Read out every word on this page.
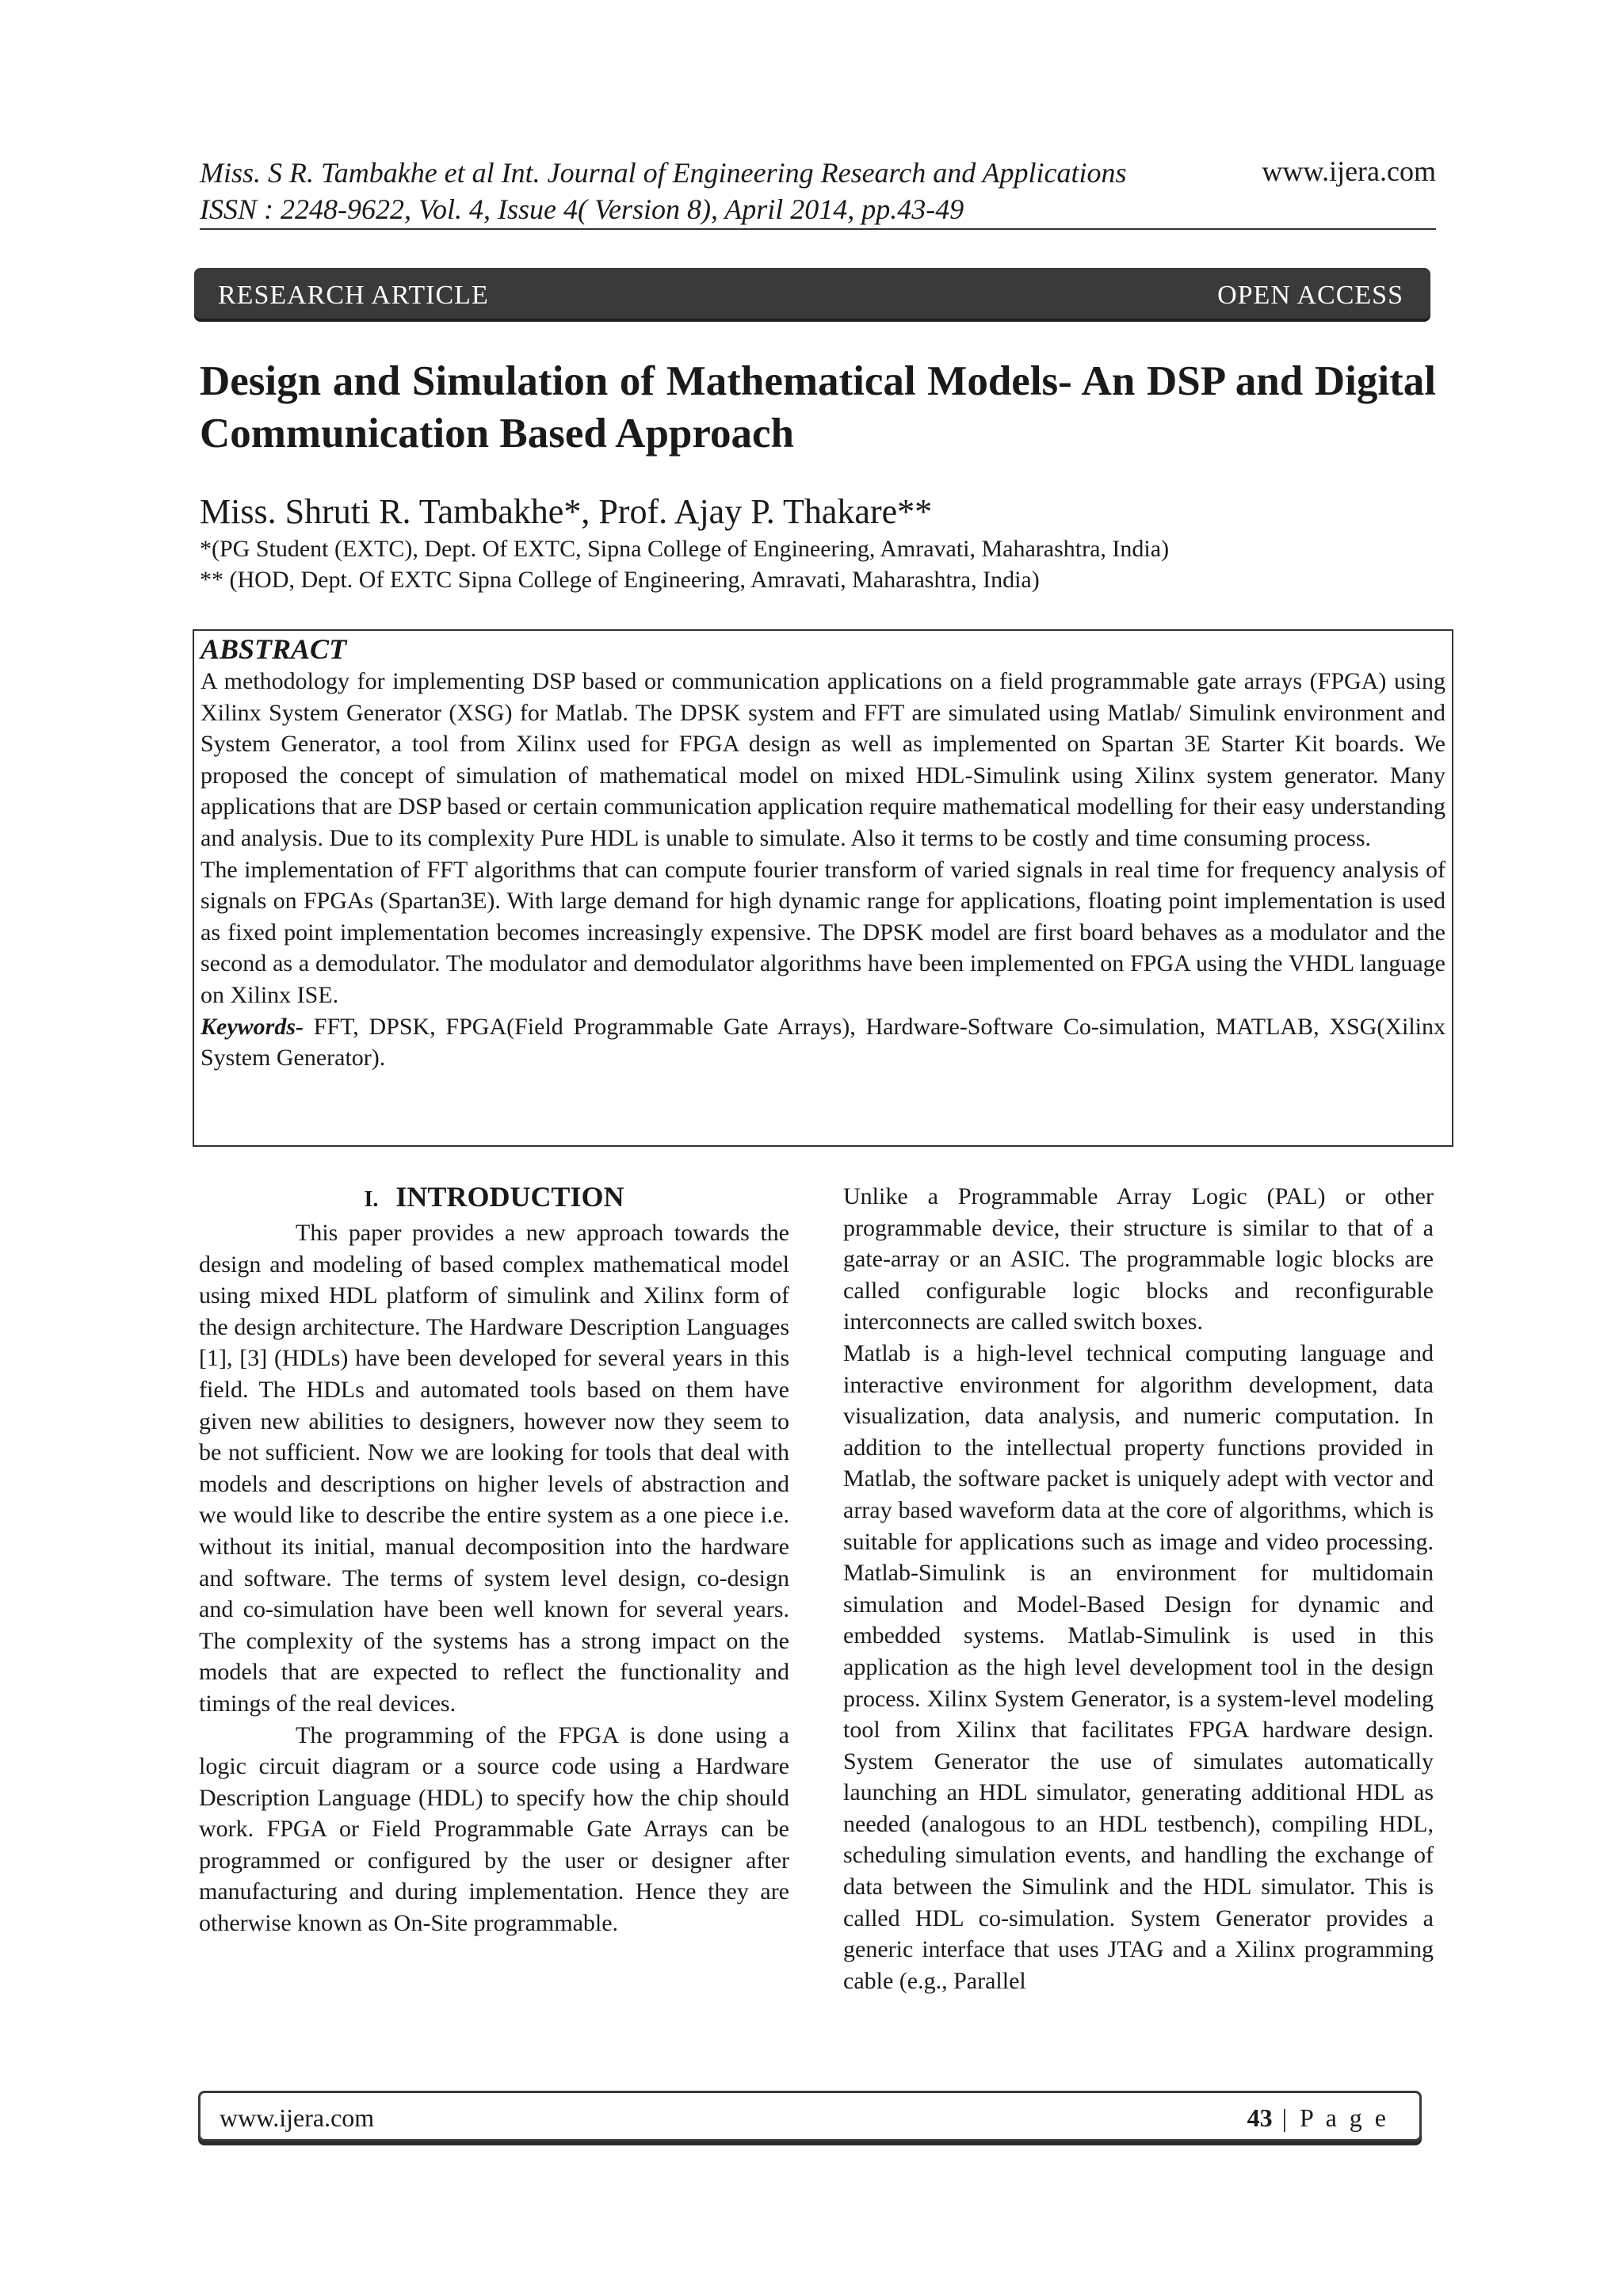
Miss. S R. Tambakhe et al Int. Journal of Engineering Research and Applications
ISSN : 2248-9622, Vol. 4, Issue 4( Version 8), April 2014, pp.43-49
www.ijera.com
RESEARCH ARTICLE	OPEN ACCESS
Design and Simulation of Mathematical Models- An DSP and Digital Communication Based Approach
Miss. Shruti R. Tambakhe*, Prof. Ajay P. Thakare**
*(PG Student (EXTC), Dept. Of EXTC, Sipna College of Engineering, Amravati, Maharashtra, India)
** (HOD, Dept. Of EXTC Sipna College of Engineering, Amravati, Maharashtra, India)
ABSTRACT

A methodology for implementing DSP based or communication applications on a field programmable gate arrays (FPGA) using Xilinx System Generator (XSG) for Matlab. The DPSK system and FFT are simulated using Matlab/ Simulink environment and System Generator, a tool from Xilinx used for FPGA design as well as implemented on Spartan 3E Starter Kit boards. We proposed the concept of simulation of mathematical model on mixed HDL-Simulink using Xilinx system generator. Many applications that are DSP based or certain communication application require mathematical modelling for their easy understanding and analysis. Due to its complexity Pure HDL is unable to simulate. Also it terms to be costly and time consuming process.

The implementation of FFT algorithms that can compute fourier transform of varied signals in real time for frequency analysis of signals on FPGAs (Spartan3E). With large demand for high dynamic range for applications, floating point implementation is used as fixed point implementation becomes increasingly expensive. The DPSK model are first board behaves as a modulator and the second as a demodulator. The modulator and demodulator algorithms have been implemented on FPGA using the VHDL language on Xilinx ISE.

Keywords- FFT, DPSK, FPGA(Field Programmable Gate Arrays), Hardware-Software Co-simulation, MATLAB, XSG(Xilinx System Generator).

I. INTRODUCTION

This paper provides a new approach towards the design and modeling of based complex mathematical model using mixed HDL platform of simulink and Xilinx form of the design architecture. The Hardware Description Languages [1], [3] (HDLs) have been developed for several years in this field. The HDLs and automated tools based on them have given new abilities to designers, however now they seem to be not sufficient. Now we are looking for tools that deal with models and descriptions on higher levels of abstraction and we would like to describe the entire system as a one piece i.e. without its initial, manual decomposition into the hardware and software. The terms of system level design, co-design and co-simulation have been well known for several years. The complexity of the systems has a strong impact on the models that are expected to reflect the functionality and timings of the real devices.

The programming of the FPGA is done using a logic circuit diagram or a source code using a Hardware Description Language (HDL) to specify how the chip should work. FPGA or Field Programmable Gate Arrays can be programmed or configured by the user or designer after manufacturing and during implementation. Hence they are otherwise known as On-Site programmable.

Unlike a Programmable Array Logic (PAL) or other programmable device, their structure is similar to that of a gate-array or an ASIC. The programmable logic blocks are called configurable logic blocks and reconfigurable interconnects are called switch boxes.

Matlab is a high-level technical computing language and interactive environment for algorithm development, data visualization, data analysis, and numeric computation. In addition to the intellectual property functions provided in Matlab, the software packet is uniquely adept with vector and array based waveform data at the core of algorithms, which is suitable for applications such as image and video processing. Matlab-Simulink is an environment for multidomain simulation and Model-Based Design for dynamic and embedded systems. Matlab-Simulink is used in this application as the high level development tool in the design process. Xilinx System Generator, is a system-level modeling tool from Xilinx that facilitates FPGA hardware design. System Generator the use of simulates automatically launching an HDL simulator, generating additional HDL as needed (analogous to an HDL testbench), compiling HDL, scheduling simulation events, and handling the exchange of data between the Simulink and the HDL simulator. This is called HDL co-simulation. System Generator provides a generic interface that uses JTAG and a Xilinx programming cable (e.g., Parallel

www.ijera.com	43 | P a g e
